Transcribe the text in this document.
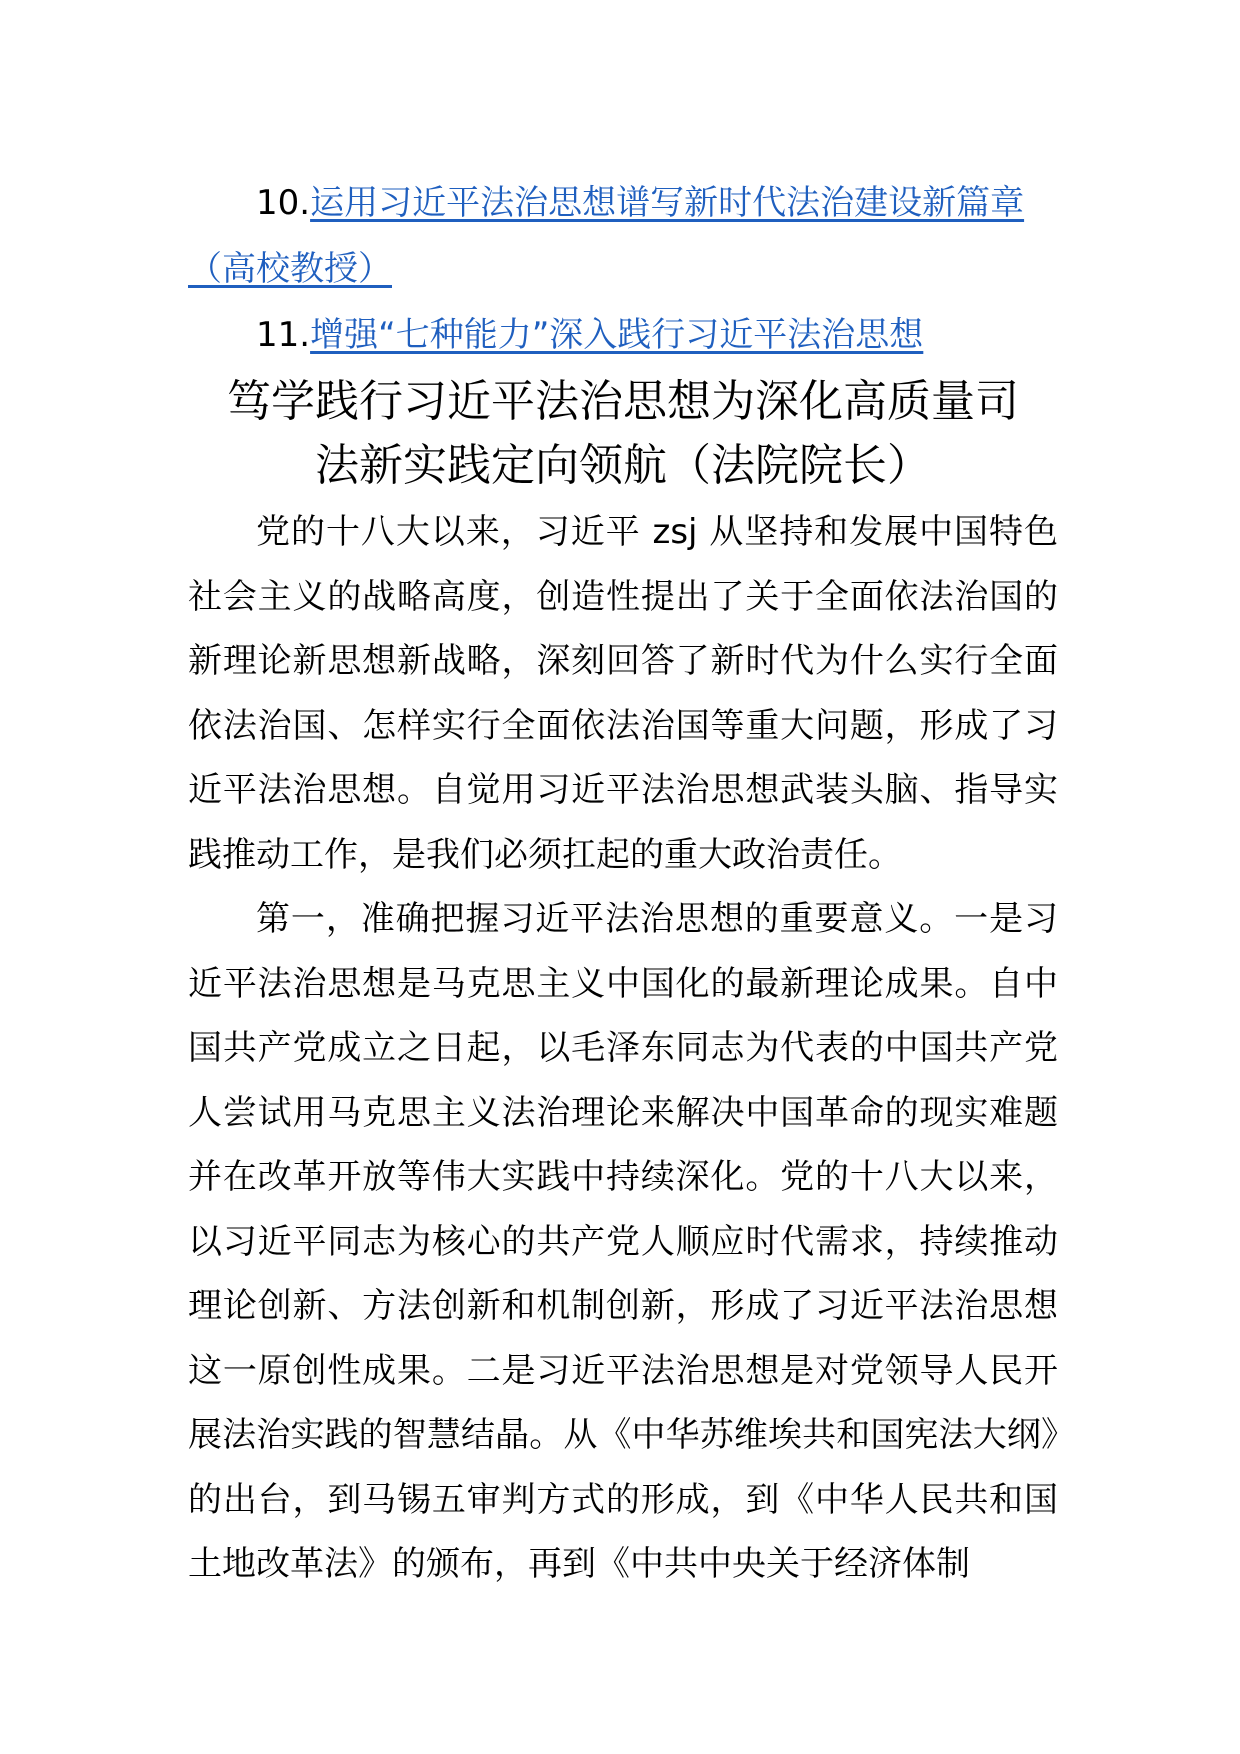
10.运用习近平法治思想谱写新时代法治建设新篇章（高校教授）

11.增强“七种能力”深入践行习近平法治思想

笃学践行习近平法治思想为深化高质量司
法新实践定向领航（法院院长）

党的十八大以来，习近平 zsj 从坚持和发展中国特色社会主义的战略高度，创造性提出了关于全面依法治国的新理论新思想新战略，深刻回答了新时代为什么实行全面依法治国、怎样实行全面依法治国等重大问题，形成了习近平法治思想。自觉用习近平法治思想武装头脑、指导实践推动工作，是我们必须扛起的重大政治责任。

第一，准确把握习近平法治思想的重要意义。一是习近平法治思想是马克思主义中国化的最新理论成果。自中国共产党成立之日起，以毛泽东同志为代表的中国共产党人尝试用马克思主义法治理论来解决中国革命的现实难题并在改革开放等伟大实践中持续深化。党的十八大以来，以习近平同志为核心的共产党人顺应时代需求，持续推动理论创新、方法创新和机制创新，形成了习近平法治思想这一原创性成果。二是习近平法治思想是对党领导人民开展法治实践的智慧结晶。从《中华苏维埃共和国宪法大纲》的出台，到马锡五审判方式的形成，到《中华人民共和国土地改革法》的颁布，再到《中共中央关于经济体制
